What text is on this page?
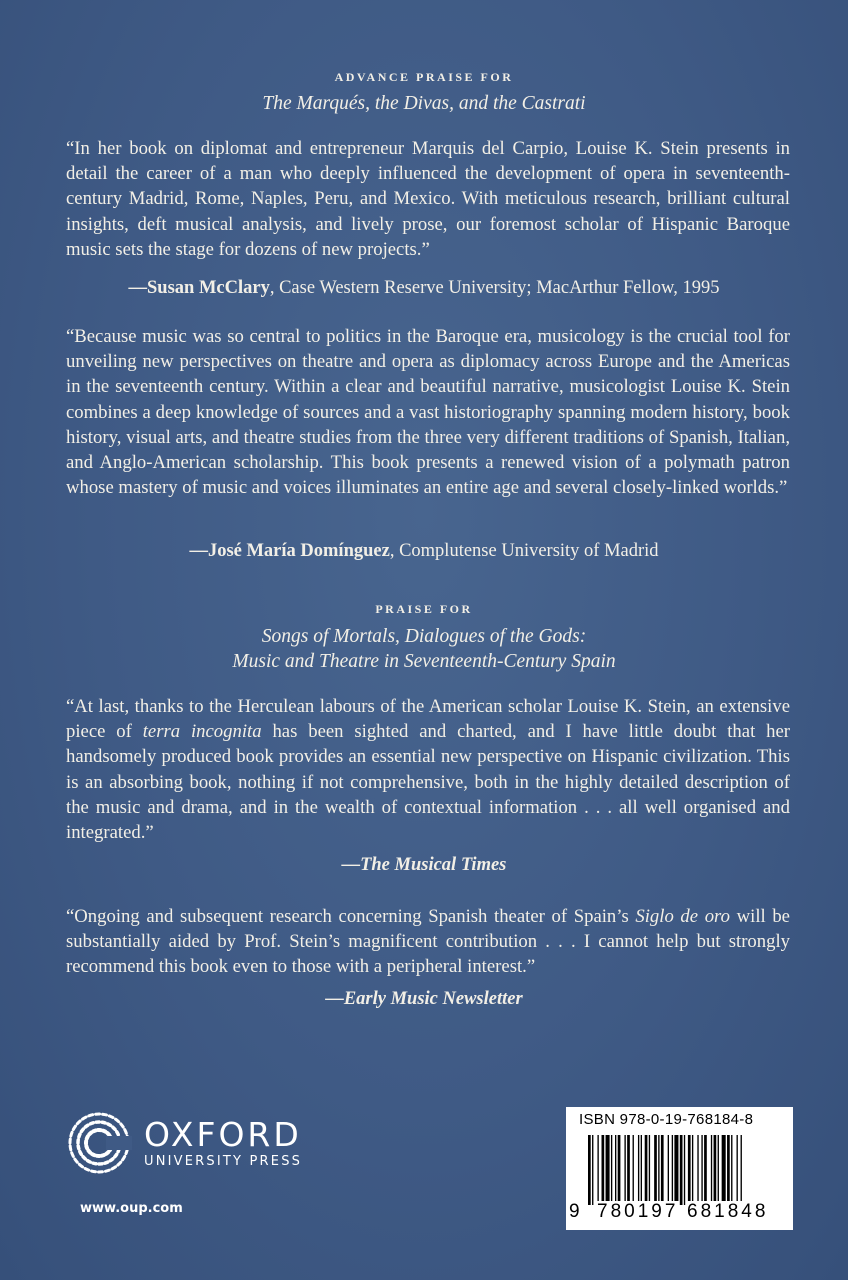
ADVANCE PRAISE FOR
The Marqués, the Divas, and the Castrati

“In her book on diplomat and entrepreneur Marquis del Carpio, Louise K. Stein presents in detail the career of a man who deeply influenced the development of opera in seventeenth-century Madrid, Rome, Naples, Peru, and Mexico. With meticulous research, brilliant cultural insights, deft musical analysis, and lively prose, our foremost scholar of Hispanic Baroque music sets the stage for dozens of new projects.”

—Susan McClary, Case Western Reserve University; MacArthur Fellow, 1995

“Because music was so central to politics in the Baroque era, musicology is the crucial tool for unveiling new perspectives on theatre and opera as diplomacy across Europe and the Americas in the seventeenth century. Within a clear and beautiful narrative, musicologist Louise K. Stein combines a deep knowledge of sources and a vast historiography spanning modern history, book history, visual arts, and theatre studies from the three very different traditions of Spanish, Italian, and Anglo-American scholarship. This book presents a renewed vision of a polymath patron whose mastery of music and voices illuminates an entire age and several closely-linked worlds.”

—José María Domínguez, Complutense University of Madrid
PRAISE FOR
Songs of Mortals, Dialogues of the Gods:
Music and Theatre in Seventeenth-Century Spain

“At last, thanks to the Herculean labours of the American scholar Louise K. Stein, an extensive piece of terra incognita has been sighted and charted, and I have little doubt that her handsomely produced book provides an essential new perspective on Hispanic civilization. This is an absorbing book, nothing if not comprehensive, both in the highly detailed description of the music and drama, and in the wealth of contextual information . . . all well organised and integrated.”

—The Musical Times

“Ongoing and subsequent research concerning Spanish theater of Spain’s Siglo de oro will be substantially aided by Prof. Stein’s magnificent contribution . . . I cannot help but strongly recommend this book even to those with a peripheral interest.”

—Early Music Newsletter
OXFORD
UNIVERSITY PRESS
www.oup.com
ISBN 978-0-19-768184-8
9 780197 681848
